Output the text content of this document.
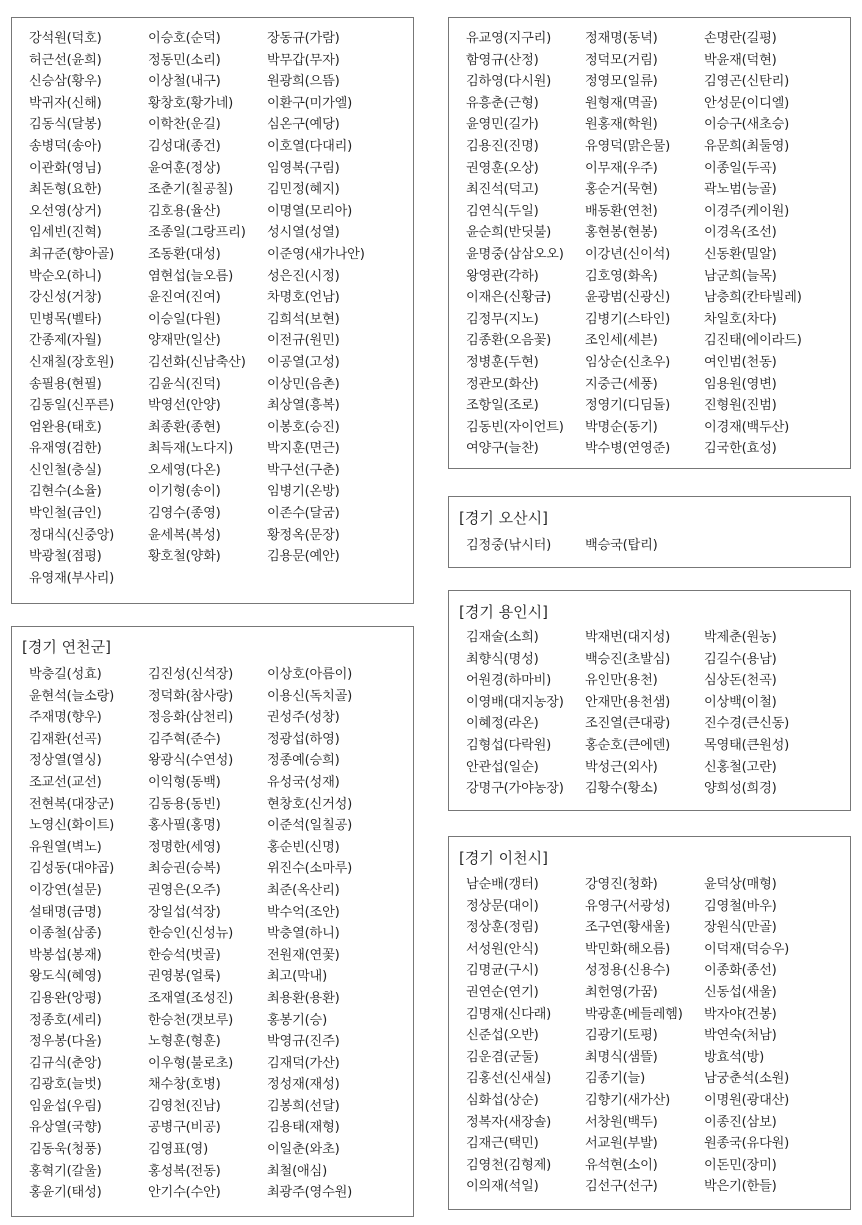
강석원(덕호)	이승호(순덕)	장동규(가람)
허근선(윤희)	정동민(소리)	박무갑(무자)
신승삼(황우)	이상철(내구)	원광희(으뜸)
박귀자(신해)	황창호(황가네)	이환구(미가엘)
김동식(달봉)	이학찬(운길)	심온구(예당)
송병덕(송아)	김성대(종건)	이호열(다대리)
이관화(영님)	윤여훈(정상)	임영복(구림)
최돈형(요한)	조춘기(칠공칠)	김민정(혜지)
오선영(상거)	김호용(율산)	이명열(모리아)
임세빈(진혁)	조종일(그랑프리)	성시열(성열)
최규준(향아골)	조동환(대성)	이준영(새가나안)
박순오(하니)	염현섭(늘오름)	성은진(시정)
강신성(거창)	윤진여(진여)	차명호(언남)
민병목(벨타)	이승일(다원)	김희석(보현)
간종제(자월)	양재만(일산)	이전규(원민)
신재칠(장호원)	김선화(신남축산)	이공열(고성)
송필용(현필)	김윤식(진덕)	이상민(음촌)
김동일(신푸른)	박영선(안양)	최상열(흥복)
엄완용(태호)	최종환(종현)	이봉호(승진)
유재영(검한)	최득재(노다지)	박지훈(면근)
신인철(충실)	오세영(다온)	박구선(구춘)
김현수(소율)	이기형(송이)	임병기(온방)
박인철(금인)	김영수(종영)	이존수(달굼)
정대식(신중앙)	윤세복(복성)	황정옥(문장)
박광철(점평)	황호철(양화)	김용문(예안)
유영재(부사리)
[경기 연천군]
박충길(성효)	김진성(신석장)	이상호(아름이)
윤현석(늘소랑)	정덕화(참사랑)	이용신(독치골)
주재명(향우)	정응화(삼천리)	권성주(성창)
김재환(선곡)	김주혁(준수)	정광섭(하영)
정상열(열싱)	왕광식(수연성)	정종예(승희)
조교선(교선)	이익형(동백)	유성국(성재)
전현복(대장군)	김동용(동빈)	현창호(신거성)
노영신(화이트)	홍사필(홍명)	이준석(일칠공)
유원열(벽노)	정명한(세영)	홍순빈(신명)
김성동(대야곱)	최승권(승복)	위진수(소마루)
이강연(설문)	권영은(오주)	최준(옥산리)
설태명(금명)	장일섭(석장)	박수억(조안)
이종철(삼종)	한승인(신성뉴)	박충열(하니)
박봉섭(봉재)	한승석(벗골)	전원재(연꽃)
왕도식(혜영)	권영봉(얼룩)	최고(막내)
김용완(앙평)	조재열(조성진)	최용환(용환)
정종호(세리)	한승천(갯보루)	홍봉기(승)
정우봉(다올)	노형훈(형훈)	박영규(진주)
김규식(춘앙)	이우형(불로초)	김재덕(가산)
김광호(늘벗)	채수창(호병)	정성재(재성)
임윤섭(우림)	김영천(진남)	김봉희(선달)
유상열(국향)	공병구(비공)	김용태(재형)
김동욱(청풍)	김영표(영)	이일춘(와초)
홍혁기(갈울)	홍성복(전동)	최철(애심)
홍윤기(태성)	안기수(수안)	최광주(영수원)
유교영(지구리)	정재명(동녁)	손명란(길평)
함영규(산정)	정덕모(거림)	박윤재(덕현)
김하영(다시원)	정영모(일류)	김영곤(신탄리)
유흥춘(근형)	원형재(멱골)	안성문(이디엘)
윤영민(길가)	원홍재(학원)	이승구(새초승)
김용진(진명)	유영덕(맑은물)	유문희(최둘영)
권영훈(오상)	이무재(우주)	이종일(두곡)
최진석(덕고)	홍순거(묵현)	곽노범(능골)
김연식(두일)	배동환(연천)	이경주(케이원)
윤순희(반딧불)	홍현봉(현봉)	이경옥(조선)
윤명중(삼삼오오)	이강년(신이석)	신동환(밀알)
왕영관(각하)	김호영(화옥)	남군희(늘목)
이재은(신황금)	윤광범(신광신)	남충희(칸타빌레)
김정무(지노)	김병기(스타인)	차일호(차다)
김종환(오음꽃)	조인세(세븐)	김진태(에이라드)
정병훈(두현)	임상순(신초우)	여인범(천동)
정관모(화산)	지중근(세풍)	임용원(영변)
조항일(조로)	정영기(디딤돌)	진형원(진범)
김동빈(자이언트)	박명순(동기)	이경재(백두산)
여양구(늘찬)	박수병(연영준)	김국한(효성)
[경기 오산시]
김정중(낚시터)	백승국(탑리)
[경기 용인시]
김재술(소희)	박재번(대지성)	박제춘(원농)
최향식(명성)	백승진(초발심)	김길수(용남)
어원경(하마비)	유인만(용천)	심상돈(천곡)
이영배(대지농장)	안재만(용천샘)	이상백(이철)
이혜정(라온)	조진열(큰대광)	진수경(큰신동)
김형섭(다락원)	홍순호(큰에덴)	목영태(큰원성)
안관섭(일순)	박성근(외사)	신홍철(고란)
강명구(가야농장)	김황수(황소)	양희성(희경)
[경기 이천시]
남순배(갱터)	강영진(청화)	윤덕상(매형)
정상문(대이)	유영구(서광성)	김영철(바우)
정상훈(정림)	조구연(황새울)	장원식(만골)
서성원(안식)	박민화(해오름)	이덕재(덕승우)
김명균(구시)	성정용(신용수)	이종화(종선)
권연순(연기)	최헌영(가꿈)	신동섭(새울)
김명재(신다래)	박광훈(베들레헴)	박자야(건봉)
신준섭(오반)	김광기(토평)	박연숙(처남)
김운겸(군둘)	최명식(샘뜰)	방효석(방)
김홍선(신새실)	김종기(늘)	남궁춘석(소원)
심화섭(상순)	김향기(새가산)	이명원(광대산)
정복자(새장솔)	서창원(백두)	이종진(삼보)
김재근(택민)	서교원(부발)	원종국(유다원)
김영천(김형제)	유석현(소이)	이돈민(장미)
이의재(석일)	김선구(선구)	박은기(한들)
